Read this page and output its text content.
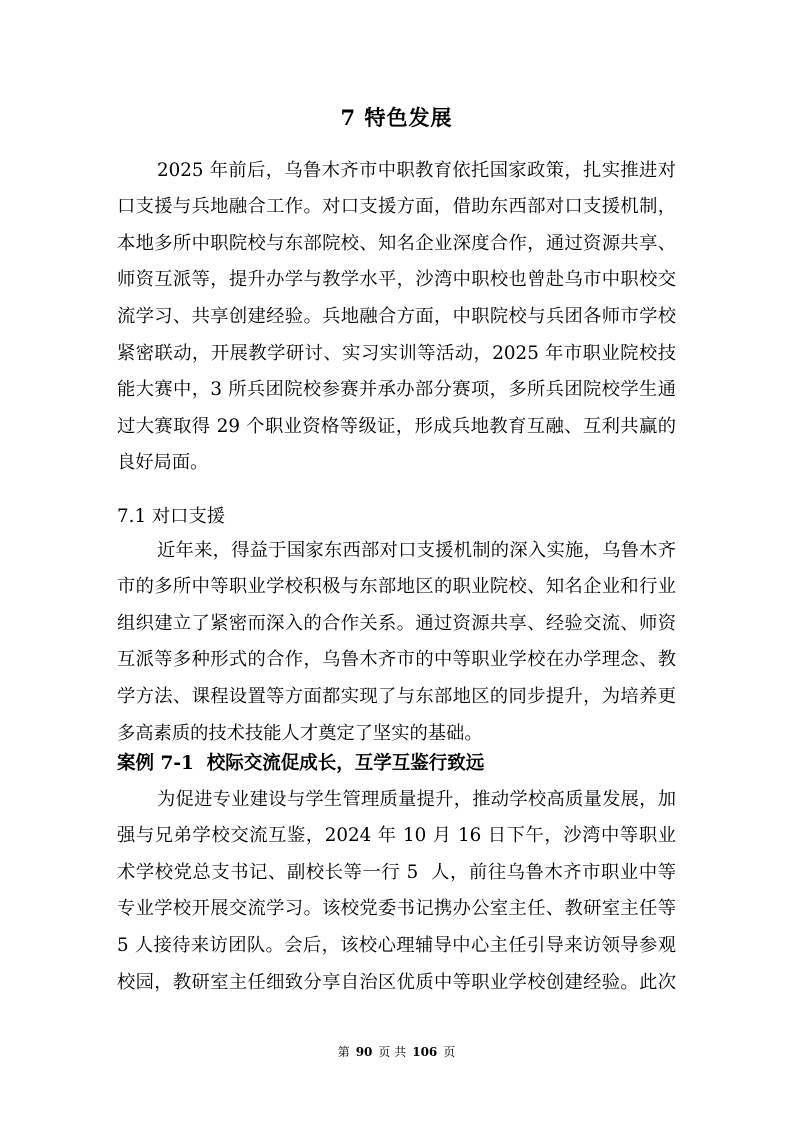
7 特色发展
2025 年前后，乌鲁木齐市中职教育依托国家政策，扎实推进对
口支援与兵地融合工作。对口支援方面，借助东西部对口支援机制，
本地多所中职院校与东部院校、知名企业深度合作，通过资源共享、
师资互派等，提升办学与教学水平，沙湾中职校也曾赴乌市中职校交
流学习、共享创建经验。兵地融合方面，中职院校与兵团各师市学校
紧密联动，开展教学研讨、实习实训等活动，2025 年市职业院校技
能大赛中，3 所兵团院校参赛并承办部分赛项，多所兵团院校学生通
过大赛取得 29 个职业资格等级证，形成兵地教育互融、互利共赢的
良好局面。
7.1 对口支援
近年来，得益于国家东西部对口支援机制的深入实施，乌鲁木齐
市的多所中等职业学校积极与东部地区的职业院校、知名企业和行业
组织建立了紧密而深入的合作关系。通过资源共享、经验交流、师资
互派等多种形式的合作，乌鲁木齐市的中等职业学校在办学理念、教
学方法、课程设置等方面都实现了与东部地区的同步提升，为培养更
多高素质的技术技能人才奠定了坚实的基础。
案例 7-1  校际交流促成长，互学互鉴行致远
为促进专业建设与学生管理质量提升，推动学校高质量发展，加
强与兄弟学校交流互鉴，2024 年 10 月 16 日下午，沙湾中等职业
术学校党总支书记、副校长等一行 5  人，前往乌鲁木齐市职业中等
专业学校开展交流学习。该校党委书记携办公室主任、教研室主任等
5 人接待来访团队。会后，该校心理辅导中心主任引导来访领导参观
校园，教研室主任细致分享自治区优质中等职业学校创建经验。此次
第 90 页 共 106 页
